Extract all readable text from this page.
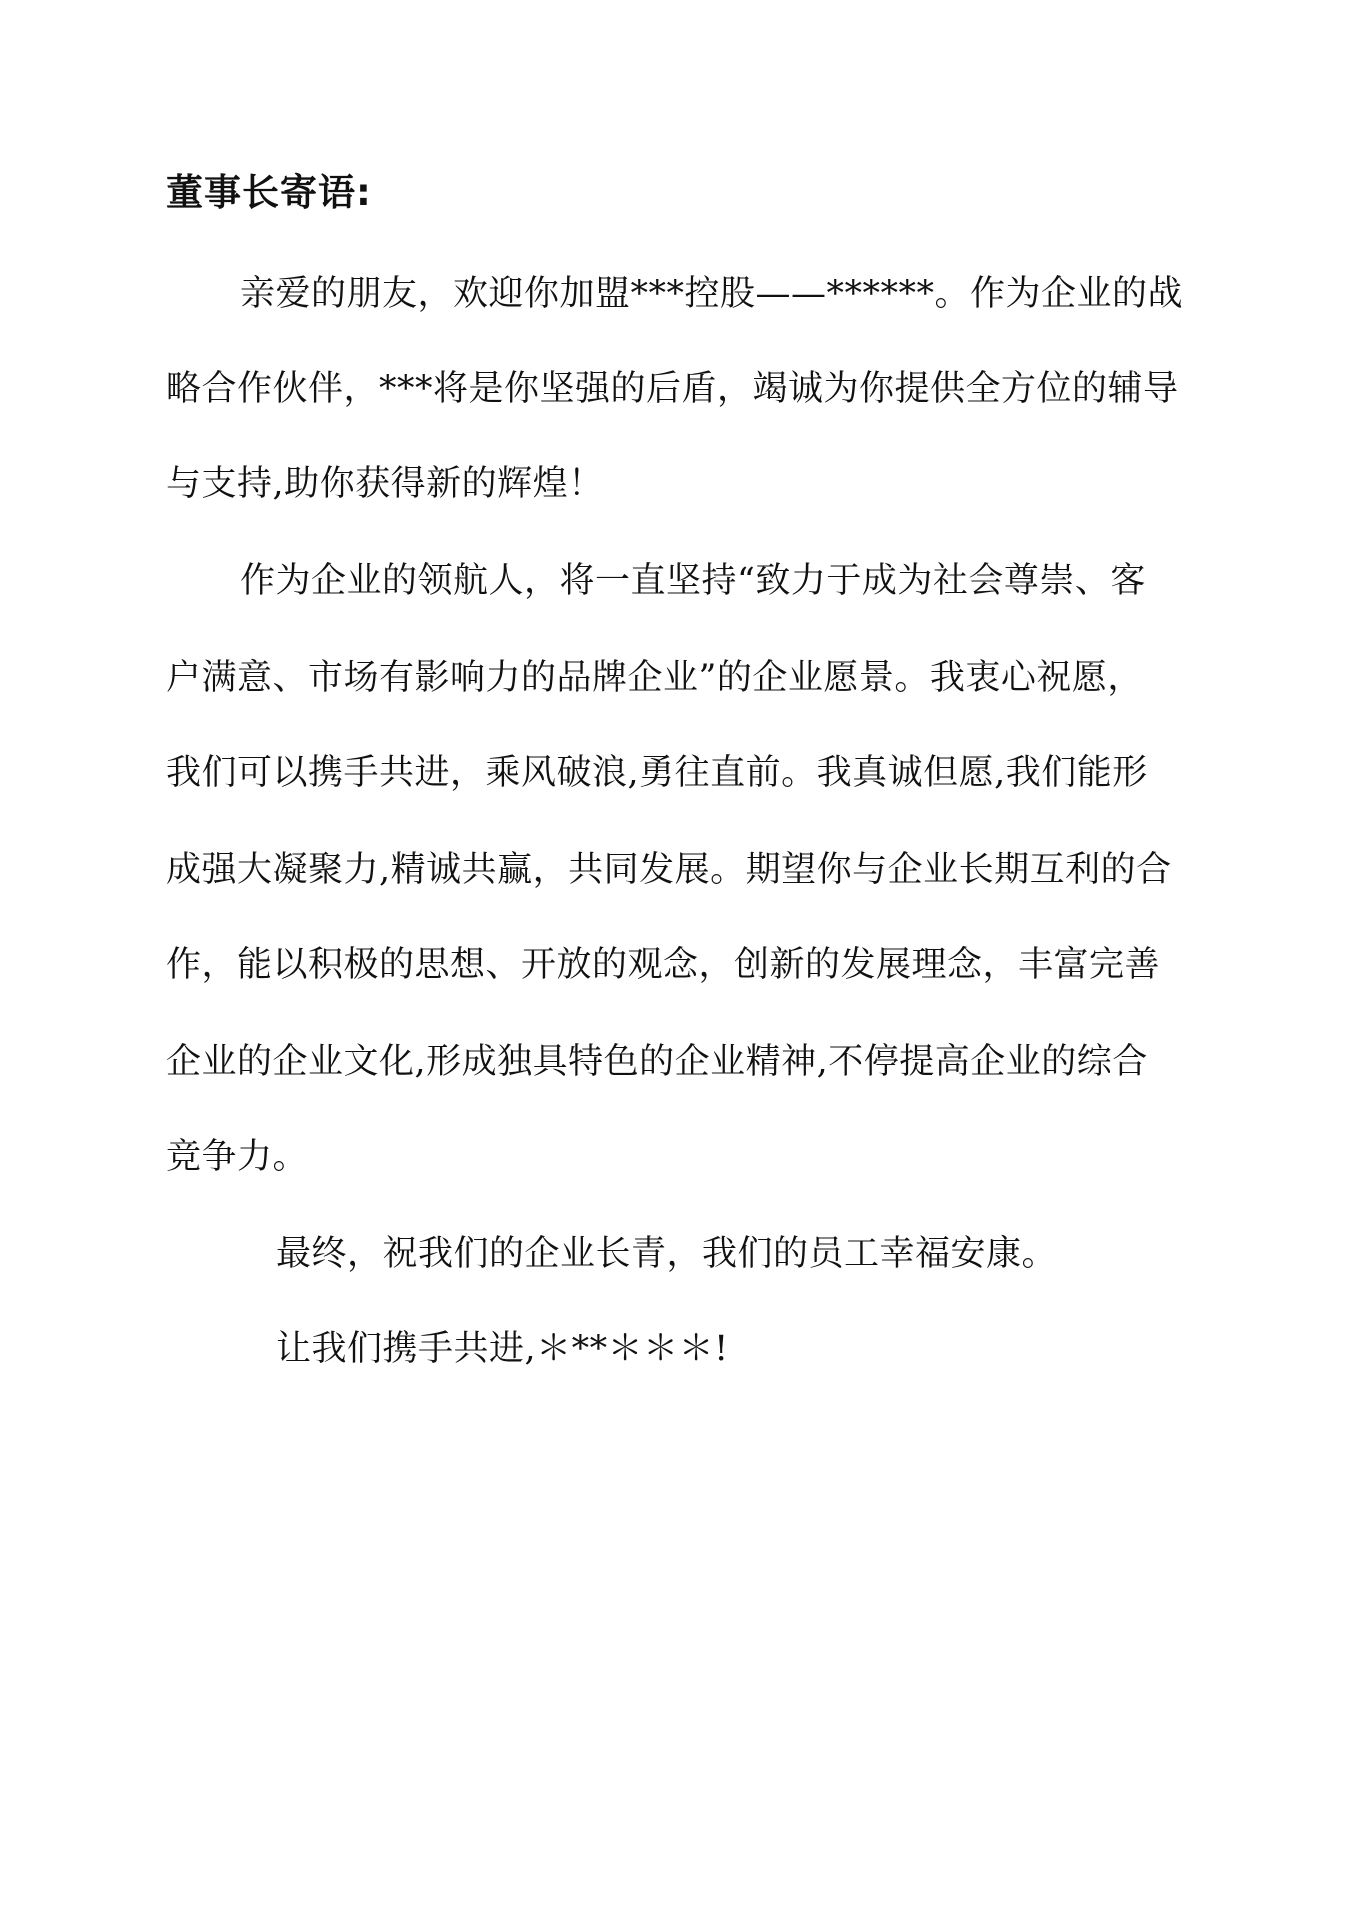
董事长寄语:
亲爱的朋友，欢迎你加盟***控股——******。作为企业的战
略合作伙伴，***将是你坚强的后盾，竭诚为你提供全方位的辅导
与支持,助你获得新的辉煌！
作为企业的领航人，将一直坚持“致力于成为社会尊崇、客
户满意、市场有影响力的品牌企业”的企业愿景。我衷心祝愿，
我们可以携手共进，乘风破浪,勇往直前。我真诚但愿,我们能形
成强大凝聚力,精诚共赢，共同发展。期望你与企业长期互利的合
作，能以积极的思想、开放的观念，创新的发展理念，丰富完善
企业的企业文化,形成独具特色的企业精神,不停提高企业的综合
竞争力。
最终，祝我们的企业长青，我们的员工幸福安康。
让我们携手共进,＊**＊＊＊!
